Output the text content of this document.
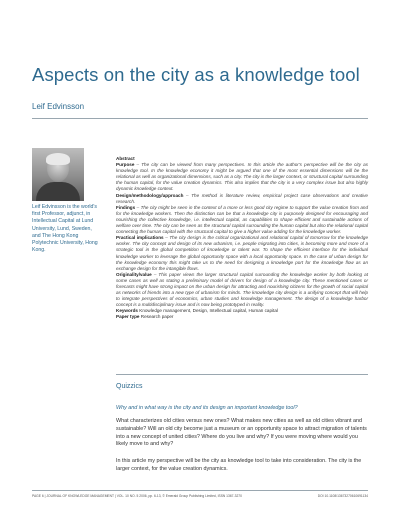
Aspects on the city as a knowledge tool
Leif Edvinsson
Leif Edvinsson is the world's first Professor, adjunct, in Intellectual Capital at Lund University, Lund, Sweden, and The Hong Kong Polytechnic University, Hong Kong.

Abstract

Purpose – The city can be viewed from many perspectives. In this article the author's perspective will be the city as knowledge tool. In the knowledge economy it might be argued that one of the most essential dimensions will be the relational as well as organizational dimensions, such as a city. The city is the larger context, or structural capital surrounding the human capital, for the value creation dynamics. This also implies that the city is a very complex issue but also highly dynamic knowledge context.

Design/methodology/approach – The method is literature review, empirical project case observations and creative research.

Findings – The city might be seen in the context of a more or less good city regime to support the value creation from and for the knowledge workers. Then the distinction can be that a knowledge city is purposely designed for encouraging and nourishing the collective knowledge, i.e. intellectual capital, as capabilities to shape efficient and sustainable actions of welfare over time. The city can be seen as the structural capital surrounding the human capital but also the relational capital connecting the human capital with the structural capital to give a higher value adding for the knowledge worker.

Practical implications – The city design is the critical organizational and relational capital of tomorrow for the knowledge worker. The city concept and design of its new urbanism, i.e. people migrating into cities, is becoming more and more of a strategic tool in the global competition of knowledge or talent war. To shape the efficient interface for the individual knowledge worker to leverage the global opportunity space with a local opportunity space. In the case of urban design for the knowledge economy this might take us to the need for designing a knowledge port for the knowledge flow as an exchange design for the intangible flows.

Originality/value – This paper views the larger structural capital surrounding the knowledge worker by both looking at some cases as well as stating a preliminary model of drivers for design of a knowledge city. These mentioned cases or forecasts might have strong impact on the urban design for attracting and nourishing citizens for the growth of social capital as networks of friends into a new type of urbanism for minds. The knowledge city design is a unifying concept that will help to integrate perspectives of economics, urban studies and knowledge management. The design of a knowledge harbor concept is a multidisciplinary issue and is now being prototyped in reality.

Keywords Knowledge management, Design, Intellectual capital, Human capital

Paper type Research paper

Quizzics
Why and in what way is the city and its design an important knowledge tool?

What characterizes old cities versus new ones? What makes new cities as well as old cities vibrant and sustainable? Will an old city become just a museum or an opportunity space to attract migration of talents into a new concept of united cities? Where do you live and why? If you were moving where would you likely move to and why?

In this article my perspective will be the city as knowledge tool to take into consideration. The city is the larger context, for the value creation dynamics.

PAGE 6 | JOURNAL OF KNOWLEDGE MANAGEMENT | VOL. 10 NO. 5 2006, pp. 6-13, © Emerald Group Publishing Limited, ISSN 1367-3270	DOI 10.1108/13673270610691134
